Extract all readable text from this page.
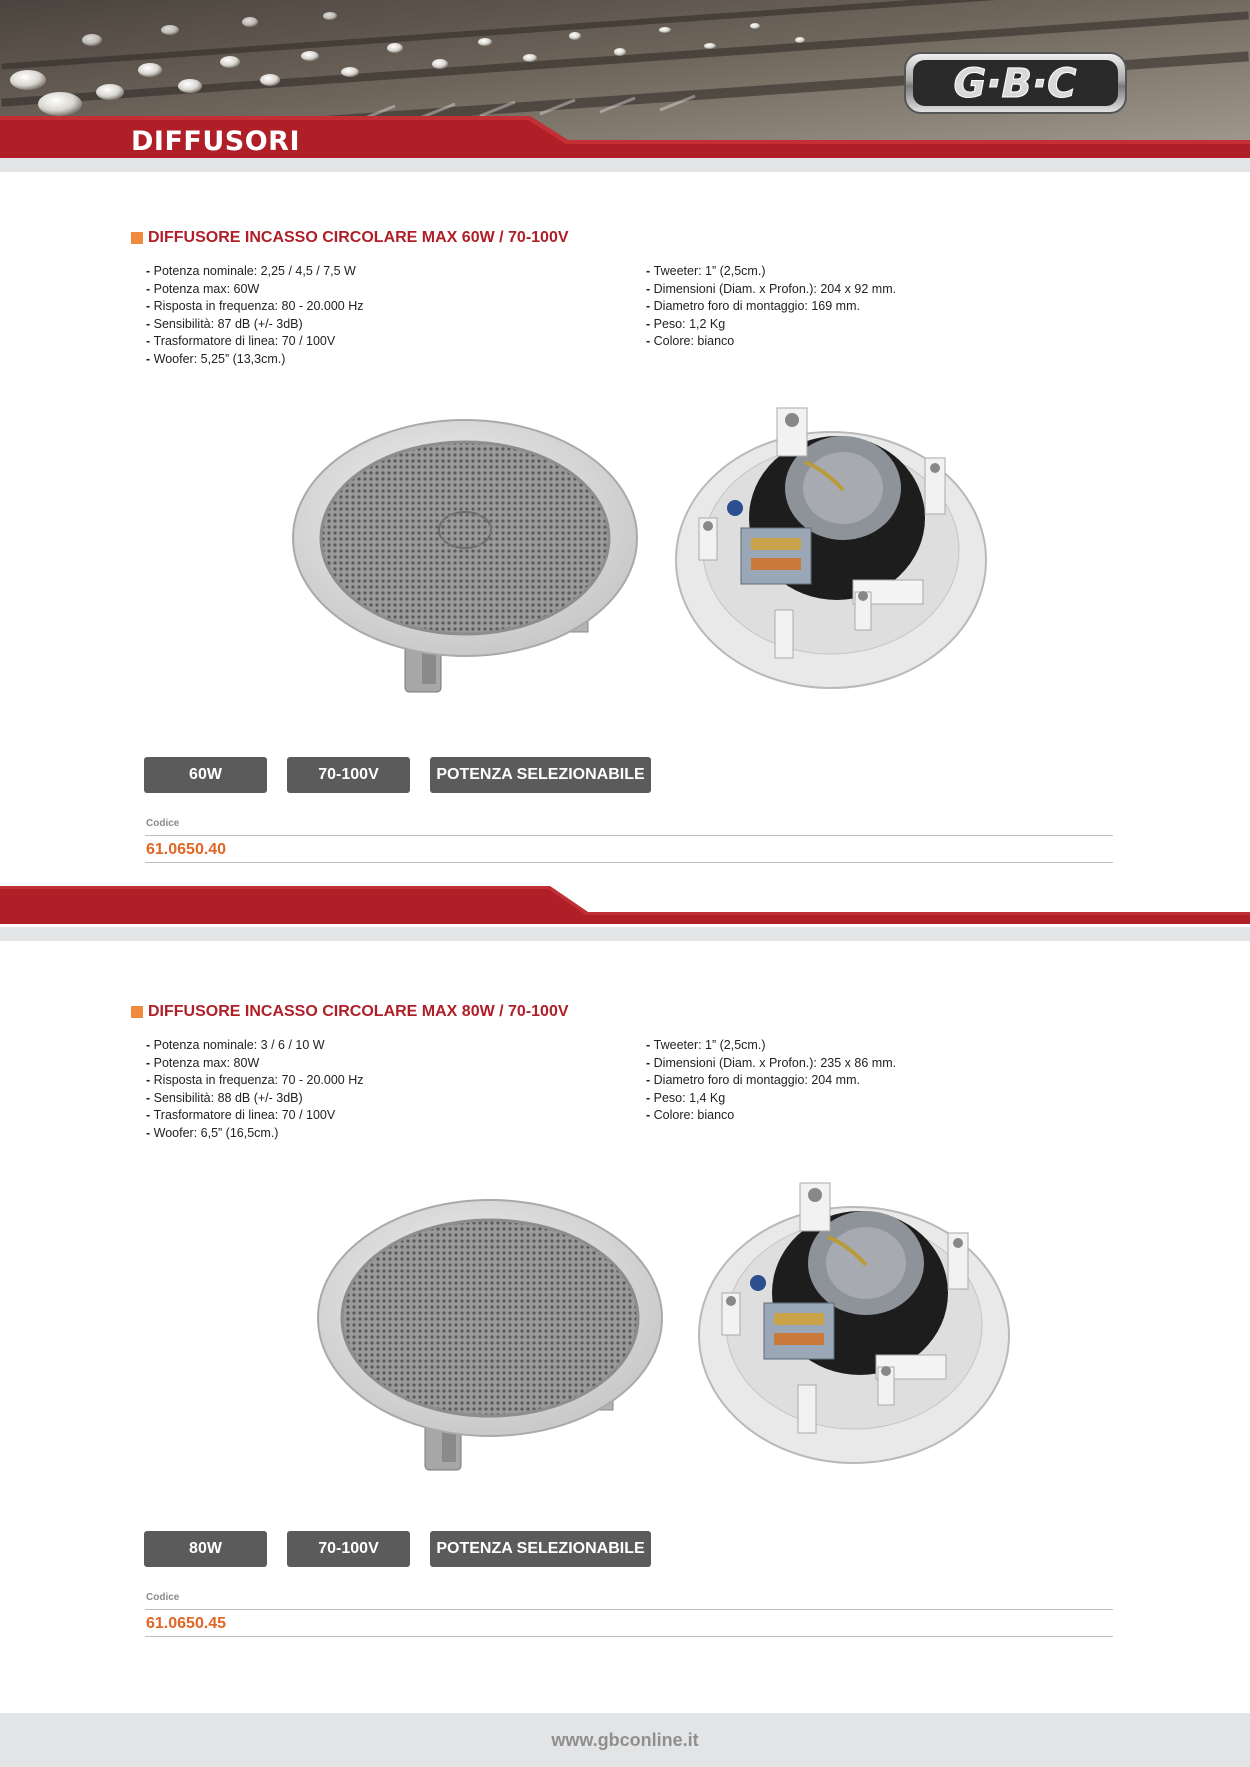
DIFFUSORI
G·B·C
DIFFUSORE INCASSO CIRCOLARE MAX 60W / 70-100V
- Potenza nominale: 2,25 / 4,5 / 7,5 W
- Potenza max: 60W
- Risposta in frequenza: 80 - 20.000 Hz
- Sensibilità: 87 dB (+/- 3dB)
- Trasformatore di linea: 70 / 100V
- Woofer: 5,25” (13,3cm.)
- Tweeter: 1” (2,5cm.)
- Dimensioni (Diam. x Profon.): 204 x 92 mm.
- Diametro foro di montaggio: 169 mm.
- Peso: 1,2 Kg
- Colore: bianco
60W	70-100V	POTENZA SELEZIONABILE
Codice
61.0650.40
DIFFUSORE INCASSO CIRCOLARE MAX 80W / 70-100V
- Potenza nominale: 3 / 6 / 10 W
- Potenza max: 80W
- Risposta in frequenza: 70 - 20.000 Hz
- Sensibilità: 88 dB (+/- 3dB)
- Trasformatore di linea: 70 / 100V
- Woofer: 6,5” (16,5cm.)
- Tweeter: 1” (2,5cm.)
- Dimensioni (Diam. x Profon.): 235 x 86 mm.
- Diametro foro di montaggio: 204 mm.
- Peso: 1,4 Kg
- Colore: bianco
80W	70-100V	POTENZA SELEZIONABILE
Codice
61.0650.45
www.gbconline.it
